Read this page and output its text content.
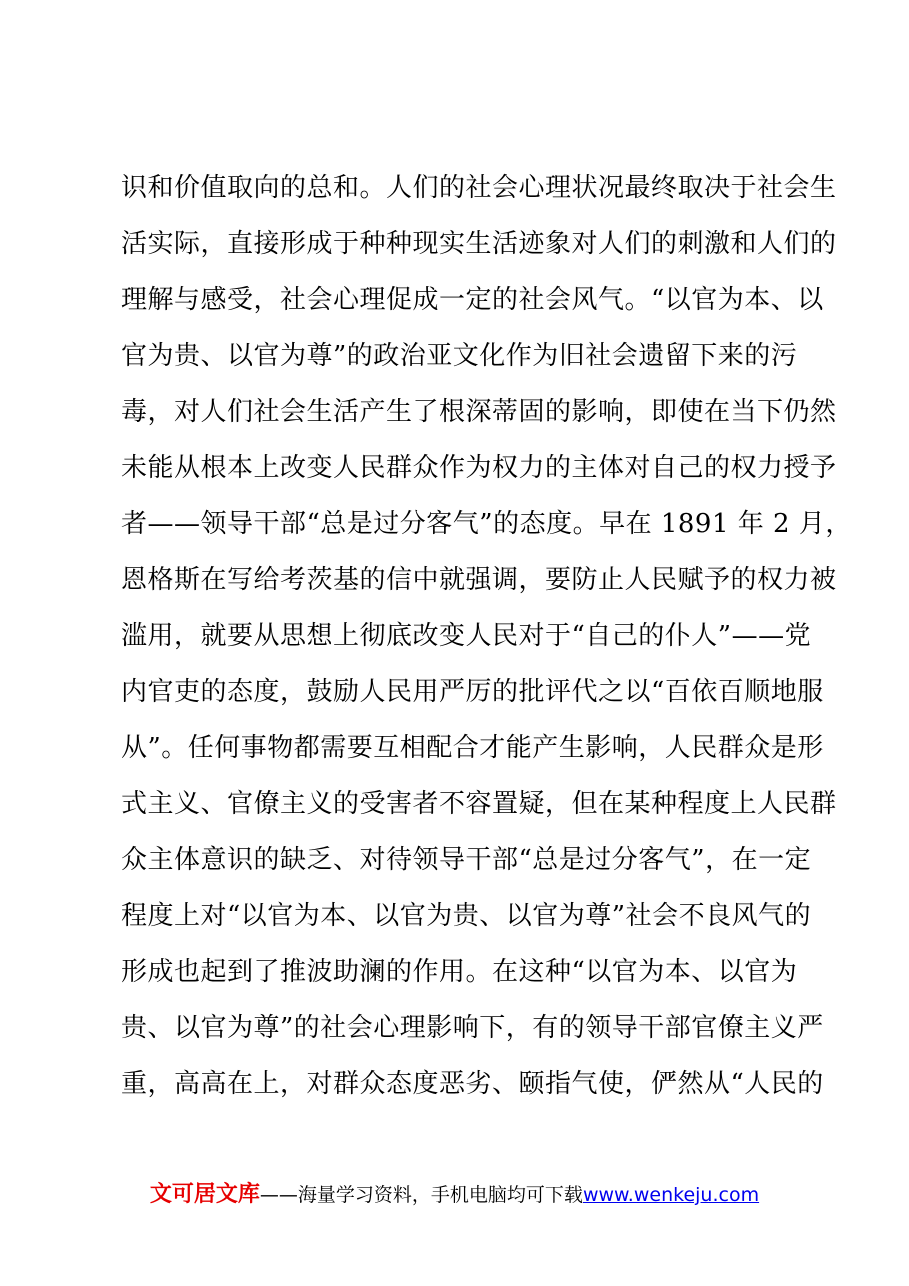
识和价值取向的总和。人们的社会心理状况最终取决于社会生
活实际，直接形成于种种现实生活迹象对人们的刺激和人们的
理解与感受，社会心理促成一定的社会风气。“以官为本、以
官为贵、以官为尊”的政治亚文化作为旧社会遗留下来的污
毒，对人们社会生活产生了根深蒂固的影响，即使在当下仍然
未能从根本上改变人民群众作为权力的主体对自己的权力授予
者——领导干部“总是过分客气”的态度。早在 1891 年 2 月，
恩格斯在写给考茨基的信中就强调，要防止人民赋予的权力被
滥用，就要从思想上彻底改变人民对于“自己的仆人”——党
内官吏的态度，鼓励人民用严厉的批评代之以“百依百顺地服
从”。任何事物都需要互相配合才能产生影响，人民群众是形
式主义、官僚主义的受害者不容置疑，但在某种程度上人民群
众主体意识的缺乏、对待领导干部“总是过分客气”，在一定
程度上对“以官为本、以官为贵、以官为尊”社会不良风气的
形成也起到了推波助澜的作用。在这种“以官为本、以官为
贵、以官为尊”的社会心理影响下，有的领导干部官僚主义严
重，高高在上，对群众态度恶劣、颐指气使，俨然从“人民的
文可居文库——海量学习资料，手机电脑均可下载www.wenkeju.com
